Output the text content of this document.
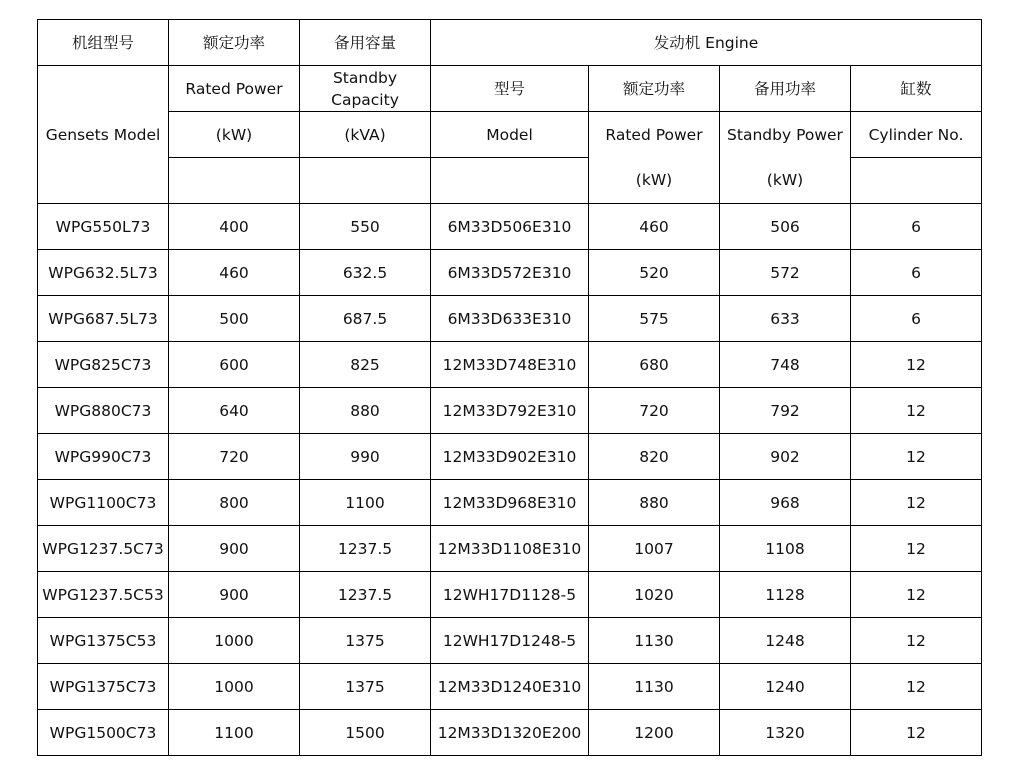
机组型号	额定功率	备用容量	发动机 Engine			
Gensets Model	Rated Power	Standby Capacity	型号	额定功率	备用功率	缸数
	(kW)	(kVA)	Model	Rated Power	Standby Power	Cylinder No.
				(kW)	(kW)	
WPG550L73	400	550	6M33D506E310	460	506	6
WPG632.5L73	460	632.5	6M33D572E310	520	572	6
WPG687.5L73	500	687.5	6M33D633E310	575	633	6
WPG825C73	600	825	12M33D748E310	680	748	12
WPG880C73	640	880	12M33D792E310	720	792	12
WPG990C73	720	990	12M33D902E310	820	902	12
WPG1100C73	800	1100	12M33D968E310	880	968	12
WPG1237.5C73	900	1237.5	12M33D1108E310	1007	1108	12
WPG1237.5C53	900	1237.5	12WH17D1128-5	1020	1128	12
WPG1375C53	1000	1375	12WH17D1248-5	1130	1248	12
WPG1375C73	1000	1375	12M33D1240E310	1130	1240	12
WPG1500C73	1100	1500	12M33D1320E200	1200	1320	12
